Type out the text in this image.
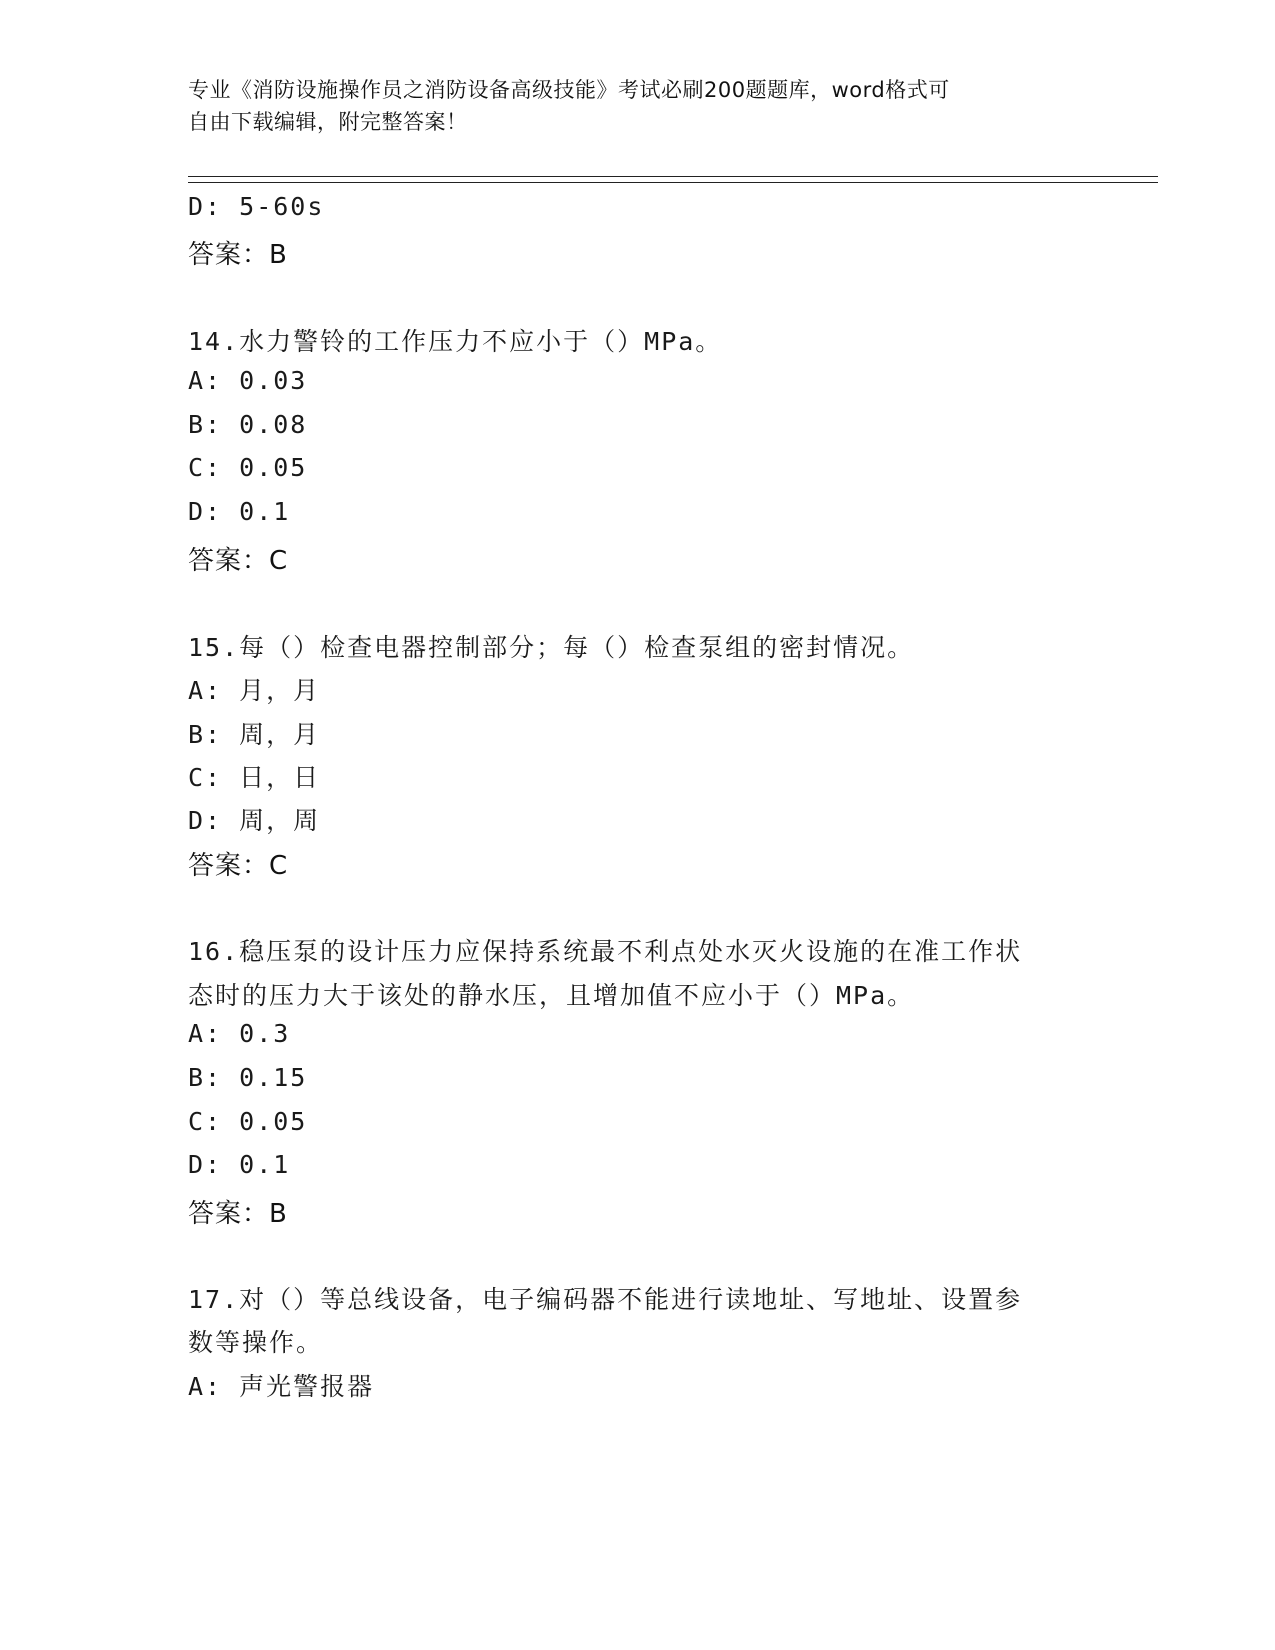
专业《消防设施操作员之消防设备高级技能》考试必刷200题题库，word格式可
自由下载编辑，附完整答案！
D: 5-60s
答案：B
14.水力警铃的工作压力不应小于（）MPa。
A: 0.03
B: 0.08
C: 0.05
D: 0.1
答案：C
15.每（）检查电器控制部分；每（）检查泵组的密封情况。
A: 月，月
B: 周，月
C: 日，日
D: 周，周
答案：C
16.稳压泵的设计压力应保持系统最不利点处水灭火设施的在准工作状
态时的压力大于该处的静水压，且增加值不应小于（）MPa。
A: 0.3
B: 0.15
C: 0.05
D: 0.1
答案：B
17.对（）等总线设备，电子编码器不能进行读地址、写地址、设置参
数等操作。
A: 声光警报器
